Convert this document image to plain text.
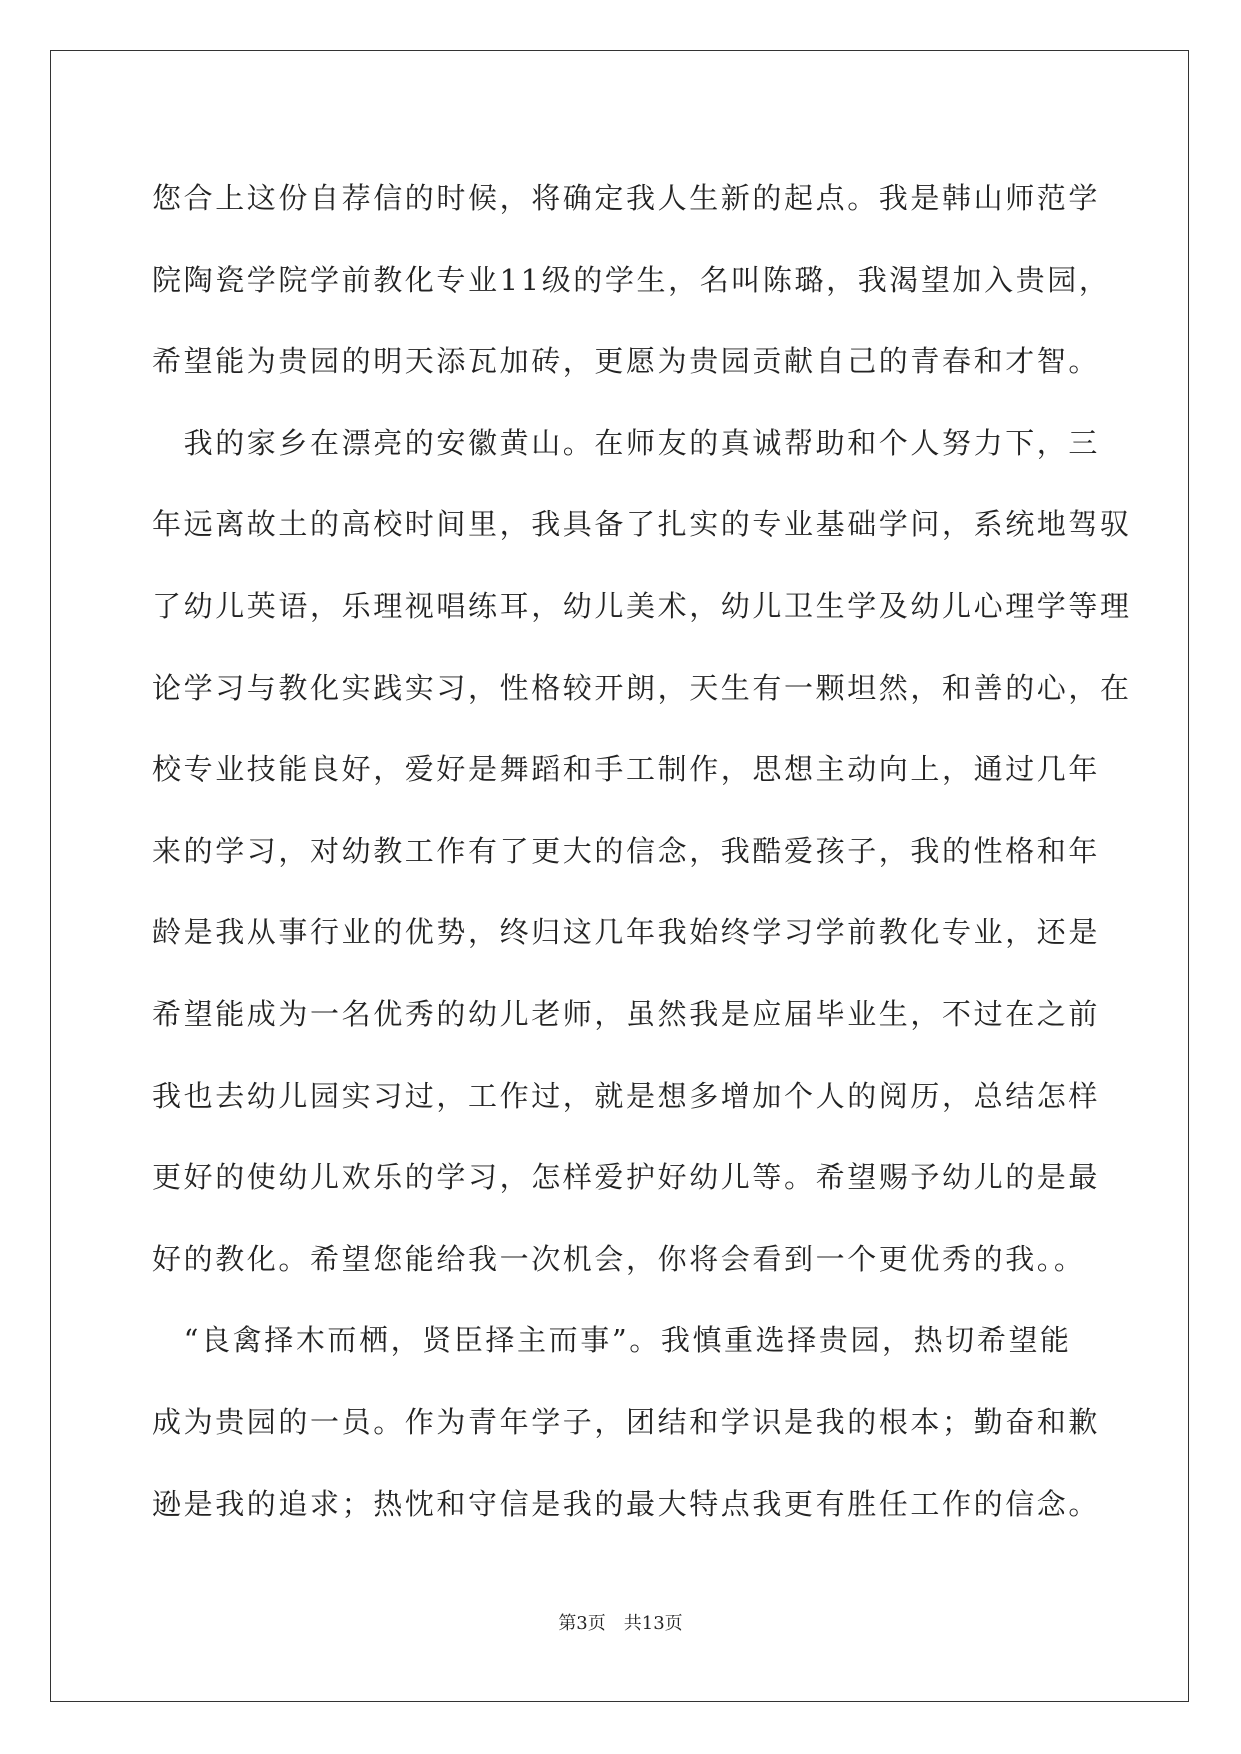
您合上这份自荐信的时候，将确定我人生新的起点。我是韩山师范学
院陶瓷学院学前教化专业11级的学生，名叫陈璐，我渴望加入贵园，
希望能为贵园的明天添瓦加砖，更愿为贵园贡献自己的青春和才智。
　我的家乡在漂亮的安徽黄山。在师友的真诚帮助和个人努力下，三
年远离故土的高校时间里，我具备了扎实的专业基础学问，系统地驾驭
了幼儿英语，乐理视唱练耳，幼儿美术，幼儿卫生学及幼儿心理学等理
论学习与教化实践实习，性格较开朗，天生有一颗坦然，和善的心，在
校专业技能良好，爱好是舞蹈和手工制作，思想主动向上，通过几年
来的学习，对幼教工作有了更大的信念，我酷爱孩子，我的性格和年
龄是我从事行业的优势，终归这几年我始终学习学前教化专业，还是
希望能成为一名优秀的幼儿老师，虽然我是应届毕业生，不过在之前
我也去幼儿园实习过，工作过，就是想多增加个人的阅历，总结怎样
更好的使幼儿欢乐的学习，怎样爱护好幼儿等。希望赐予幼儿的是最
好的教化。希望您能给我一次机会，你将会看到一个更优秀的我。。
　“良禽择木而栖，贤臣择主而事”。我慎重选择贵园，热切希望能
成为贵园的一员。作为青年学子，团结和学识是我的根本；勤奋和歉
逊是我的追求；热忱和守信是我的最大特点我更有胜任工作的信念。
第3页　共13页
